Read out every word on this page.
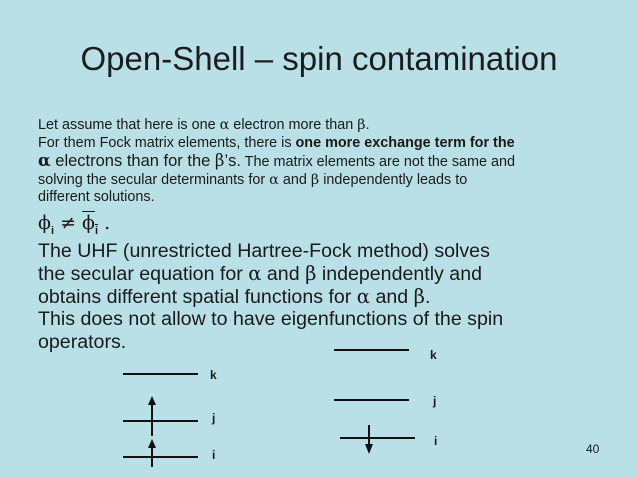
Open-Shell – spin contamination
Let assume that here is one α electron more than β.
For them Fock matrix elements, there is one more exchange term for the
α electrons than for the β’s. The matrix elements are not the same and
solving the secular determinants for α and β independently leads to
different solutions.
$\phi_i \ne \phi_i$ .
The UHF (unrestricted Hartree-Fock method) solves
the secular equation for α and β independently and
obtains different spatial functions for α and β.
This does not allow to have eigenfunctions of the spin
operators.
k
j
i
k
j
i
40
